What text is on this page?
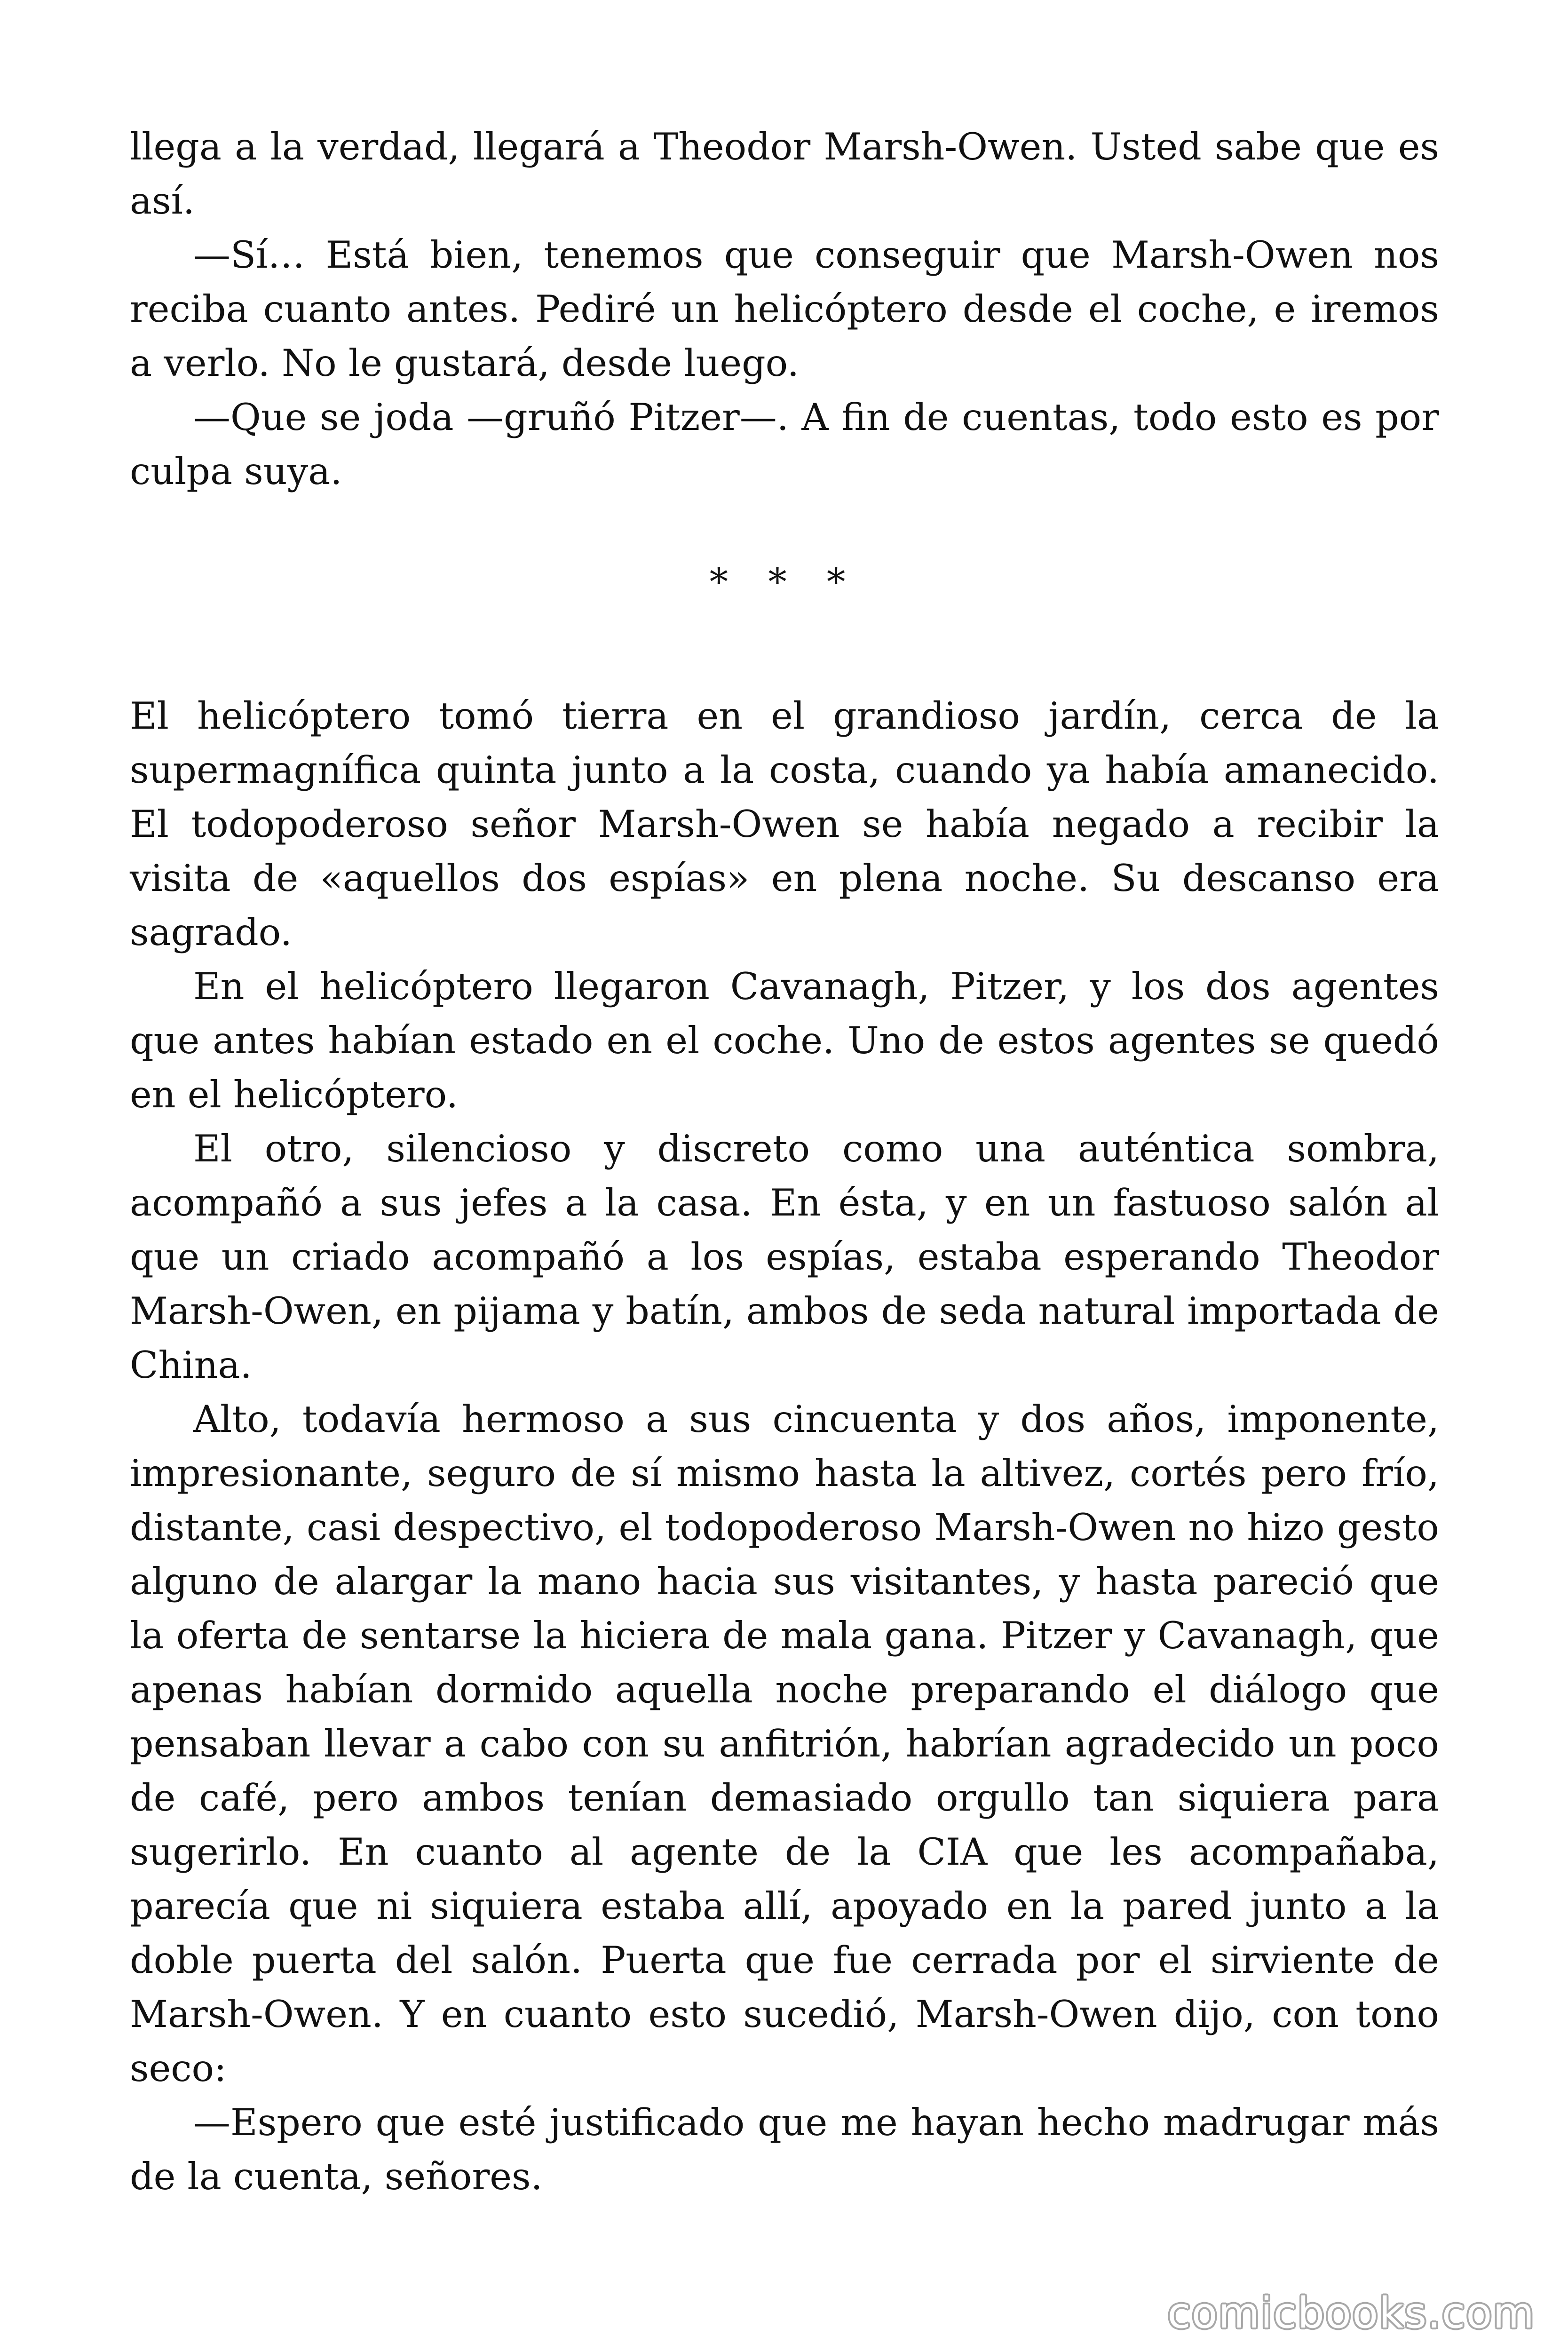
llega a la verdad, llegará a Theodor Marsh-Owen. Usted sabe que es así.

—Sí… Está bien, tenemos que conseguir que Marsh-Owen nos reciba cuanto antes. Pediré un helicóptero desde el coche, e iremos a verlo. No le gustará, desde luego.

—Que se joda —gruñó Pitzer—. A fin de cuentas, todo esto es por culpa suya.

* * *

El helicóptero tomó tierra en el grandioso jardín, cerca de la supermagnífica quinta junto a la costa, cuando ya había amanecido. El todopoderoso señor Marsh-Owen se había negado a recibir la visita de «aquellos dos espías» en plena noche. Su descanso era sagrado.

En el helicóptero llegaron Cavanagh, Pitzer, y los dos agentes que antes habían estado en el coche. Uno de estos agentes se quedó en el helicóptero.

El otro, silencioso y discreto como una auténtica sombra, acompañó a sus jefes a la casa. En ésta, y en un fastuoso salón al que un criado acompañó a los espías, estaba esperando Theodor Marsh-Owen, en pijama y batín, ambos de seda natural importada de China.

Alto, todavía hermoso a sus cincuenta y dos años, imponente, impresionante, seguro de sí mismo hasta la altivez, cortés pero frío, distante, casi despectivo, el todopoderoso Marsh-Owen no hizo gesto alguno de alargar la mano hacia sus visitantes, y hasta pareció que la oferta de sentarse la hiciera de mala gana. Pitzer y Cavanagh, que apenas habían dormido aquella noche preparando el diálogo que pensaban llevar a cabo con su anfitrión, habrían agradecido un poco de café, pero ambos tenían demasiado orgullo tan siquiera para sugerirlo. En cuanto al agente de la CIA que les acompañaba, parecía que ni siquiera estaba allí, apoyado en la pared junto a la doble puerta del salón. Puerta que fue cerrada por el sirviente de Marsh-Owen. Y en cuanto esto sucedió, Marsh-Owen dijo, con tono seco:

—Espero que esté justificado que me hayan hecho madrugar más de la cuenta, señores.

comicbooks.com
